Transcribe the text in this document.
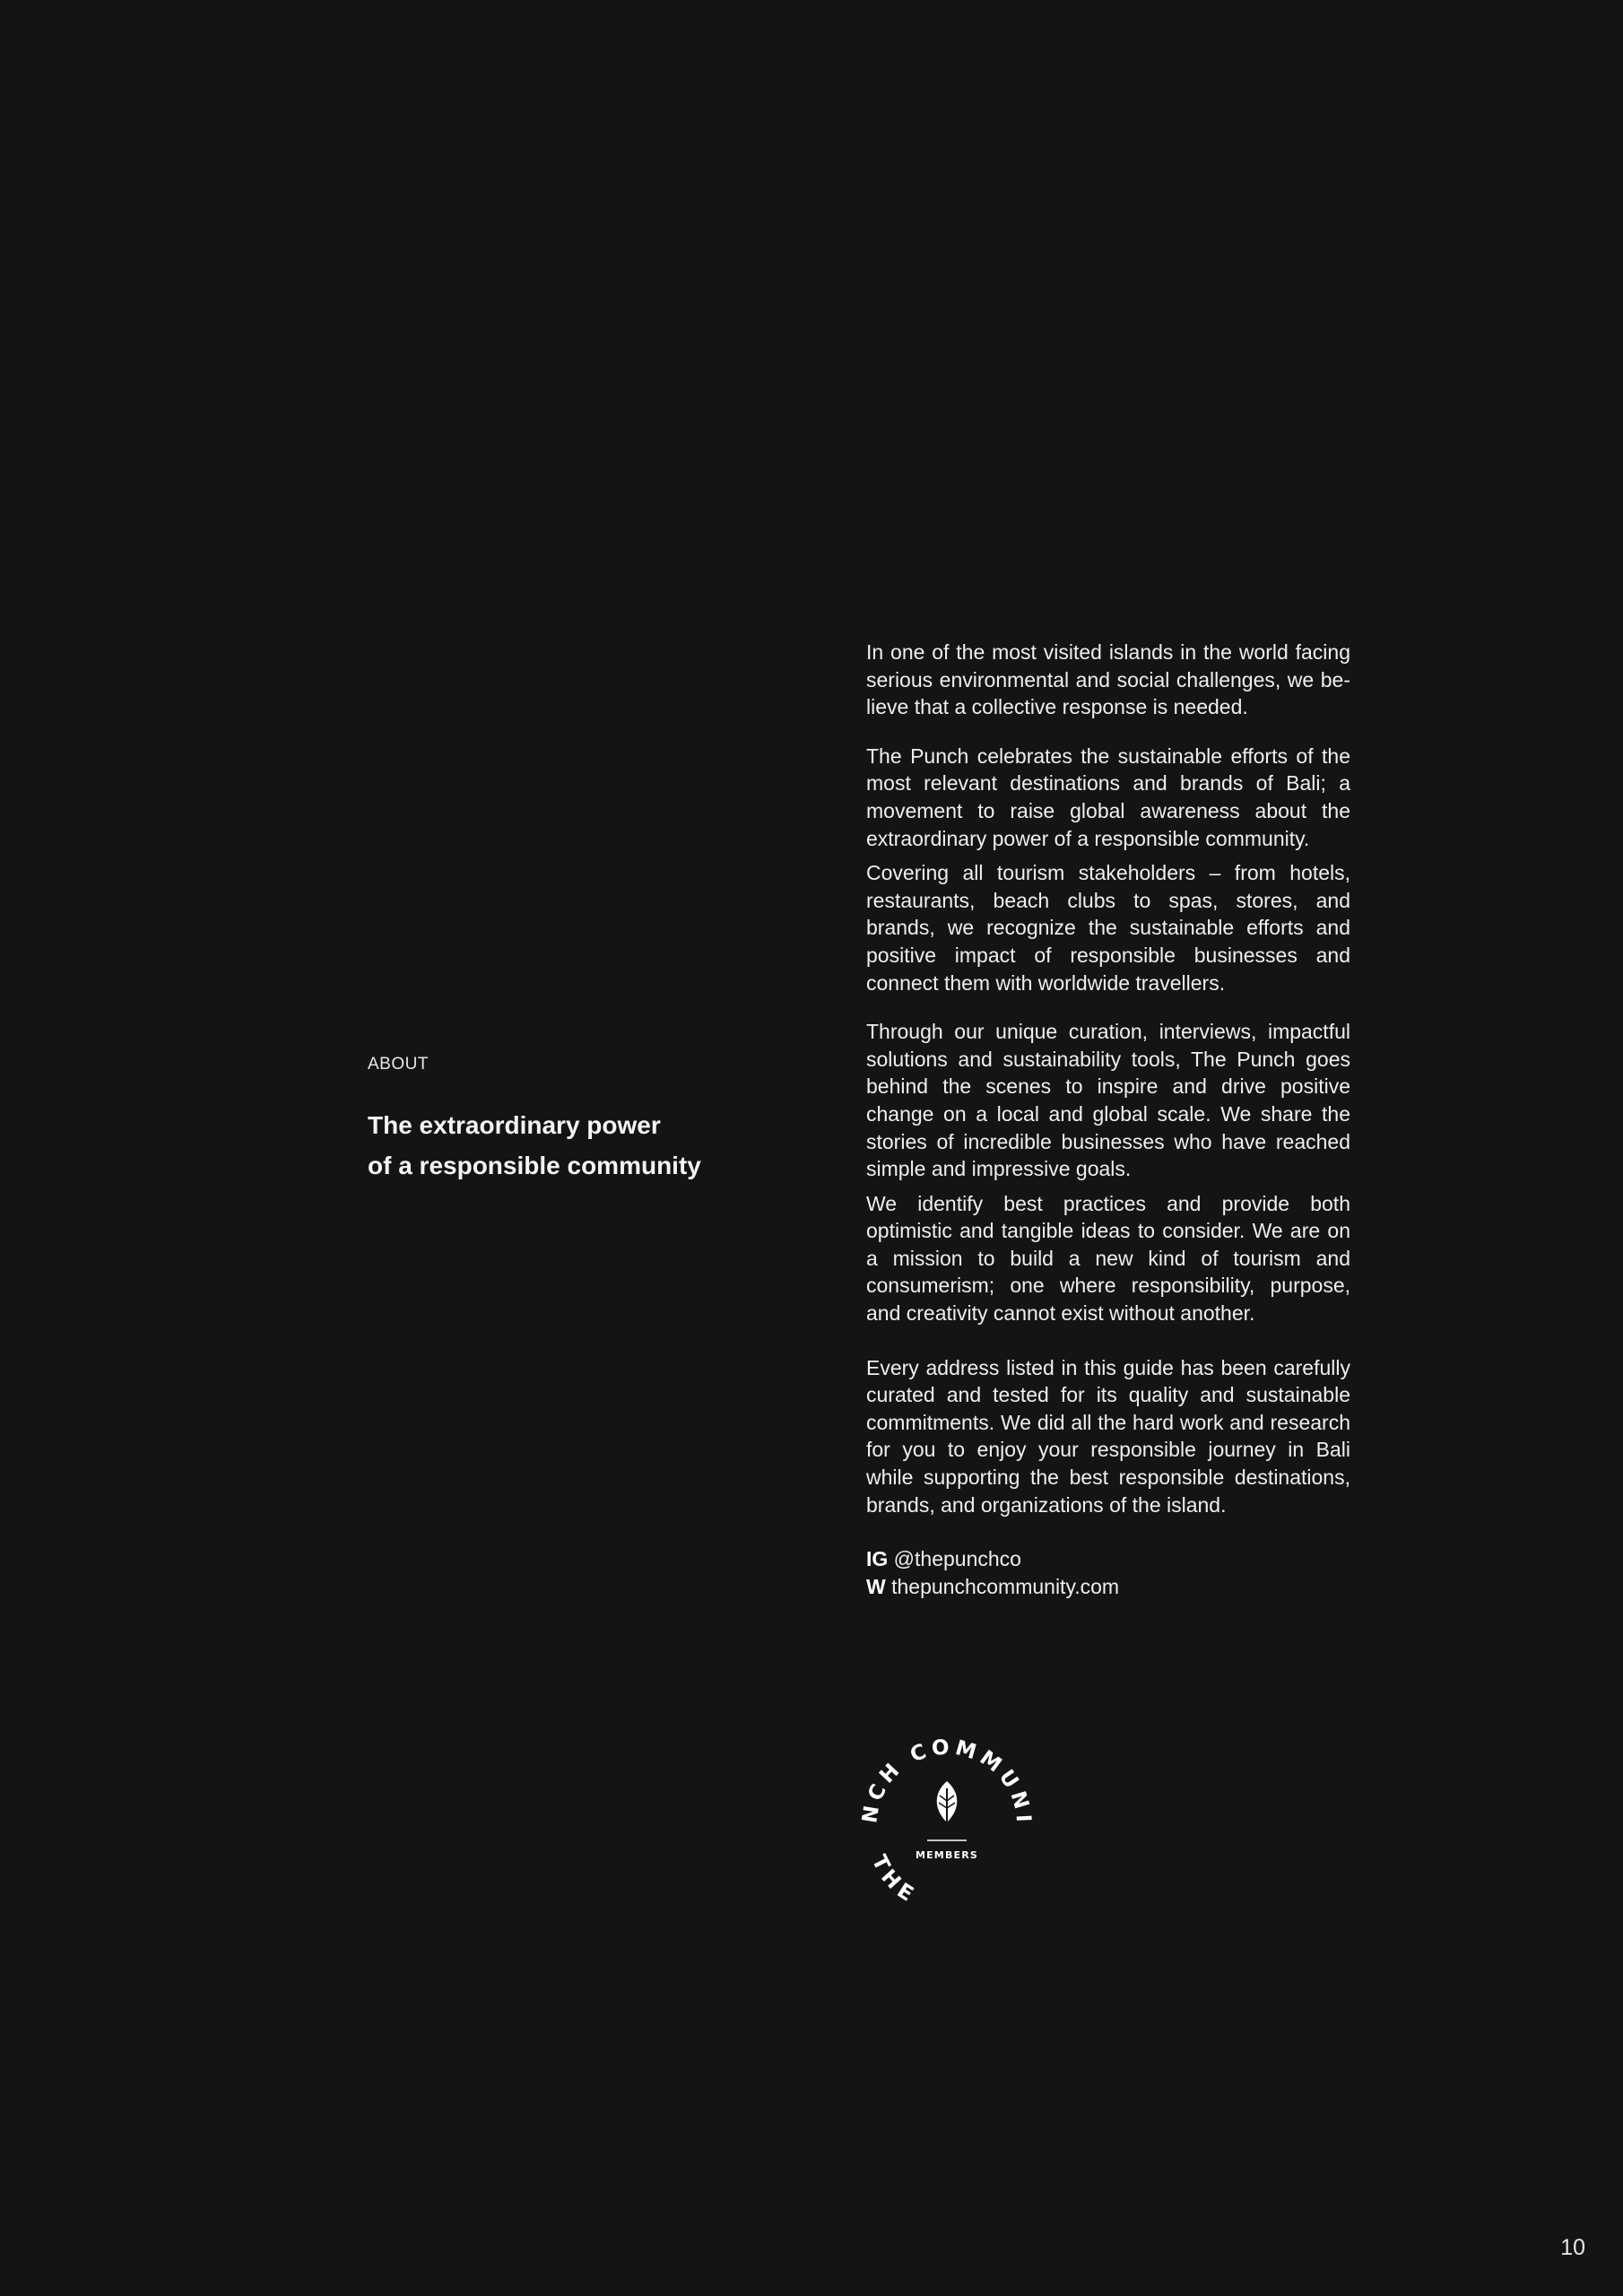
ABOUT
The extraordinary power
of a responsible community

In one of the most visited islands in the world facing serious environmental and social challenges, we believe that a collective response is needed.

The Punch celebrates the sustainable efforts of the most relevant destinations and brands of Bali; a movement to raise global awareness about the extraordinary power of a responsible community.

Covering all tourism stakeholders – from hotels, restaurants, beach clubs to spas, stores, and brands, we recognize the sustainable efforts and positive impact of responsible businesses and connect them with worldwide travellers.

Through our unique curation, interviews, impactful solutions and sustainability tools, The Punch goes behind the scenes to inspire and drive positive change on a local and global scale. We share the stories of incredible businesses who have reached simple and impressive goals.

We identify best practices and provide both optimistic and tangible ideas to consider. We are on a mission to build a new kind of tourism and consumerism; one where responsibility, purpose, and creativity cannot exist without another.

Every address listed in this guide has been carefully curated and tested for its quality and sustainable commitments. We did all the hard work and research for you to enjoy your responsible journey in Bali while supporting the best responsible destinations, brands, and organizations of the island.

IG @thepunchco
W thepunchcommunity.com
NCH COMMUNI
THE
MEMBERS
10
